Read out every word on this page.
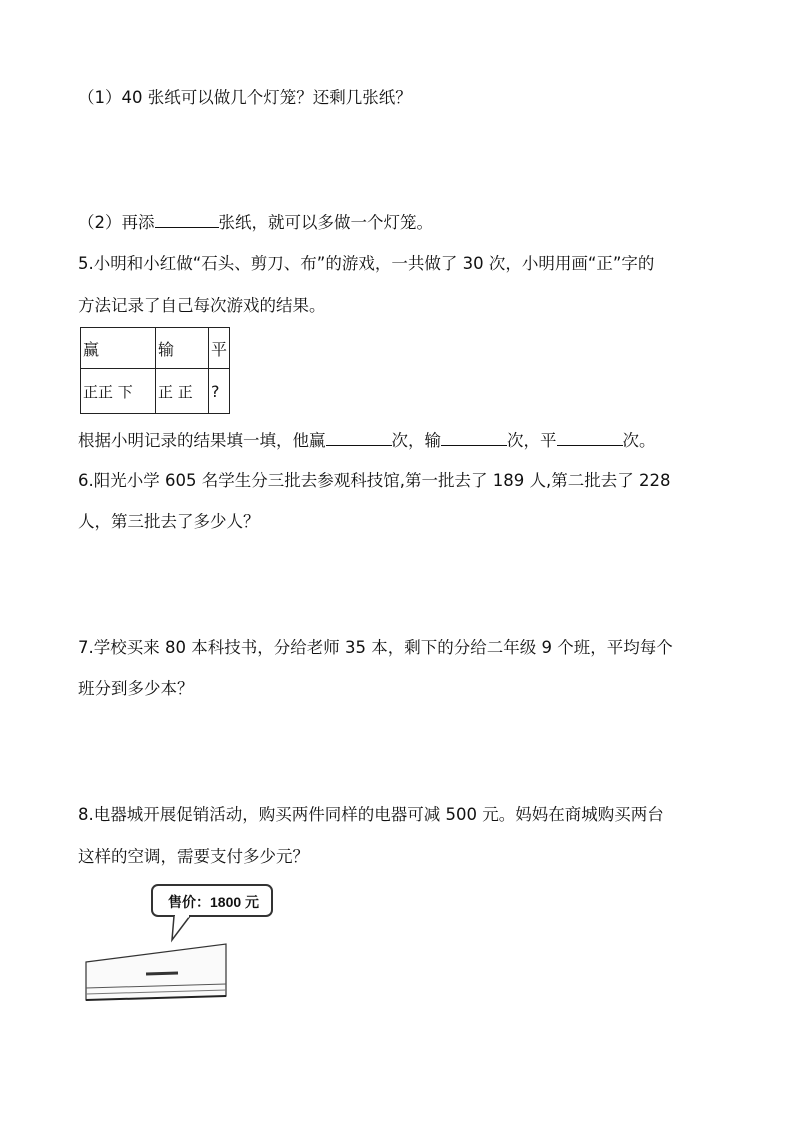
（1）40 张纸可以做几个灯笼？还剩几张纸？
（2）再添	张纸，就可以多做一个灯笼。
5.小明和小红做“石头、剪刀、布”的游戏，一共做了 30 次，小明用画“正”字的
方法记录了自己每次游戏的结果。
赢	输	平
正正 下	正 正	?
根据小明记录的结果填一填，他赢	次，输	次，平	次。
6.阳光小学 605 名学生分三批去参观科技馆,第一批去了 189 人,第二批去了 228
人，第三批去了多少人？
7.学校买来 80 本科技书，分给老师 35 本，剩下的分给二年级 9 个班，平均每个
班分到多少本？
8.电器城开展促销活动，购买两件同样的电器可减 500 元。妈妈在商城购买两台
这样的空调，需要支付多少元？
售价：1800 元
